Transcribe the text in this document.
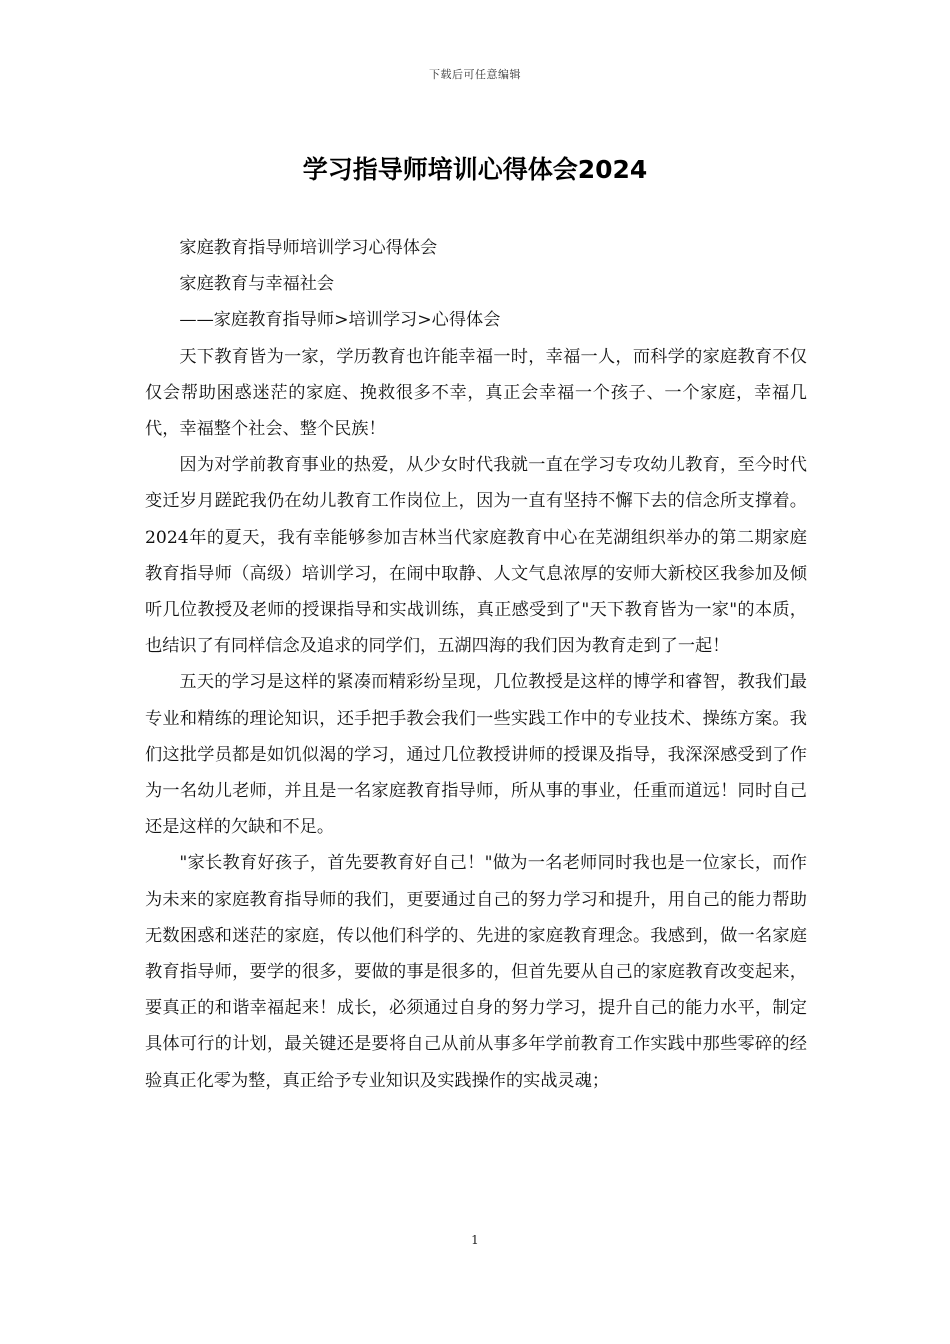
下载后可任意编辑
学习指导师培训心得体会2024

家庭教育指导师培训学习心得体会

家庭教育与幸福社会

——家庭教育指导师>培训学习>心得体会

天下教育皆为一家，学历教育也许能幸福一时，幸福一人，而科学的家庭教育不仅仅会帮助困惑迷茫的家庭、挽救很多不幸，真正会幸福一个孩子、一个家庭，幸福几代，幸福整个社会、整个民族！

因为对学前教育事业的热爱，从少女时代我就一直在学习专攻幼儿教育，至今时代变迁岁月蹉跎我仍在幼儿教育工作岗位上，因为一直有坚持不懈下去的信念所支撑着。2024年的夏天，我有幸能够参加吉林当代家庭教育中心在芜湖组织举办的第二期家庭教育指导师（高级）培训学习，在闹中取静、人文气息浓厚的安师大新校区我参加及倾听几位教授及老师的授课指导和实战训练，真正感受到了"天下教育皆为一家"的本质，也结识了有同样信念及追求的同学们，五湖四海的我们因为教育走到了一起！

五天的学习是这样的紧凑而精彩纷呈现，几位教授是这样的博学和睿智，教我们最专业和精练的理论知识，还手把手教会我们一些实践工作中的专业技术、操练方案。我们这批学员都是如饥似渴的学习，通过几位教授讲师的授课及指导，我深深感受到了作为一名幼儿老师，并且是一名家庭教育指导师，所从事的事业，任重而道远！同时自己还是这样的欠缺和不足。

"家长教育好孩子，首先要教育好自己！"做为一名老师同时我也是一位家长，而作为未来的家庭教育指导师的我们，更要通过自己的努力学习和提升，用自己的能力帮助无数困惑和迷茫的家庭，传以他们科学的、先进的家庭教育理念。我感到，做一名家庭教育指导师，要学的很多，要做的事是很多的，但首先要从自己的家庭教育改变起来，要真正的和谐幸福起来！成长，必须通过自身的努力学习，提升自己的能力水平，制定具体可行的计划，最关键还是要将自己从前从事多年学前教育工作实践中那些零碎的经验真正化零为整，真正给予专业知识及实践操作的实战灵魂；

1
